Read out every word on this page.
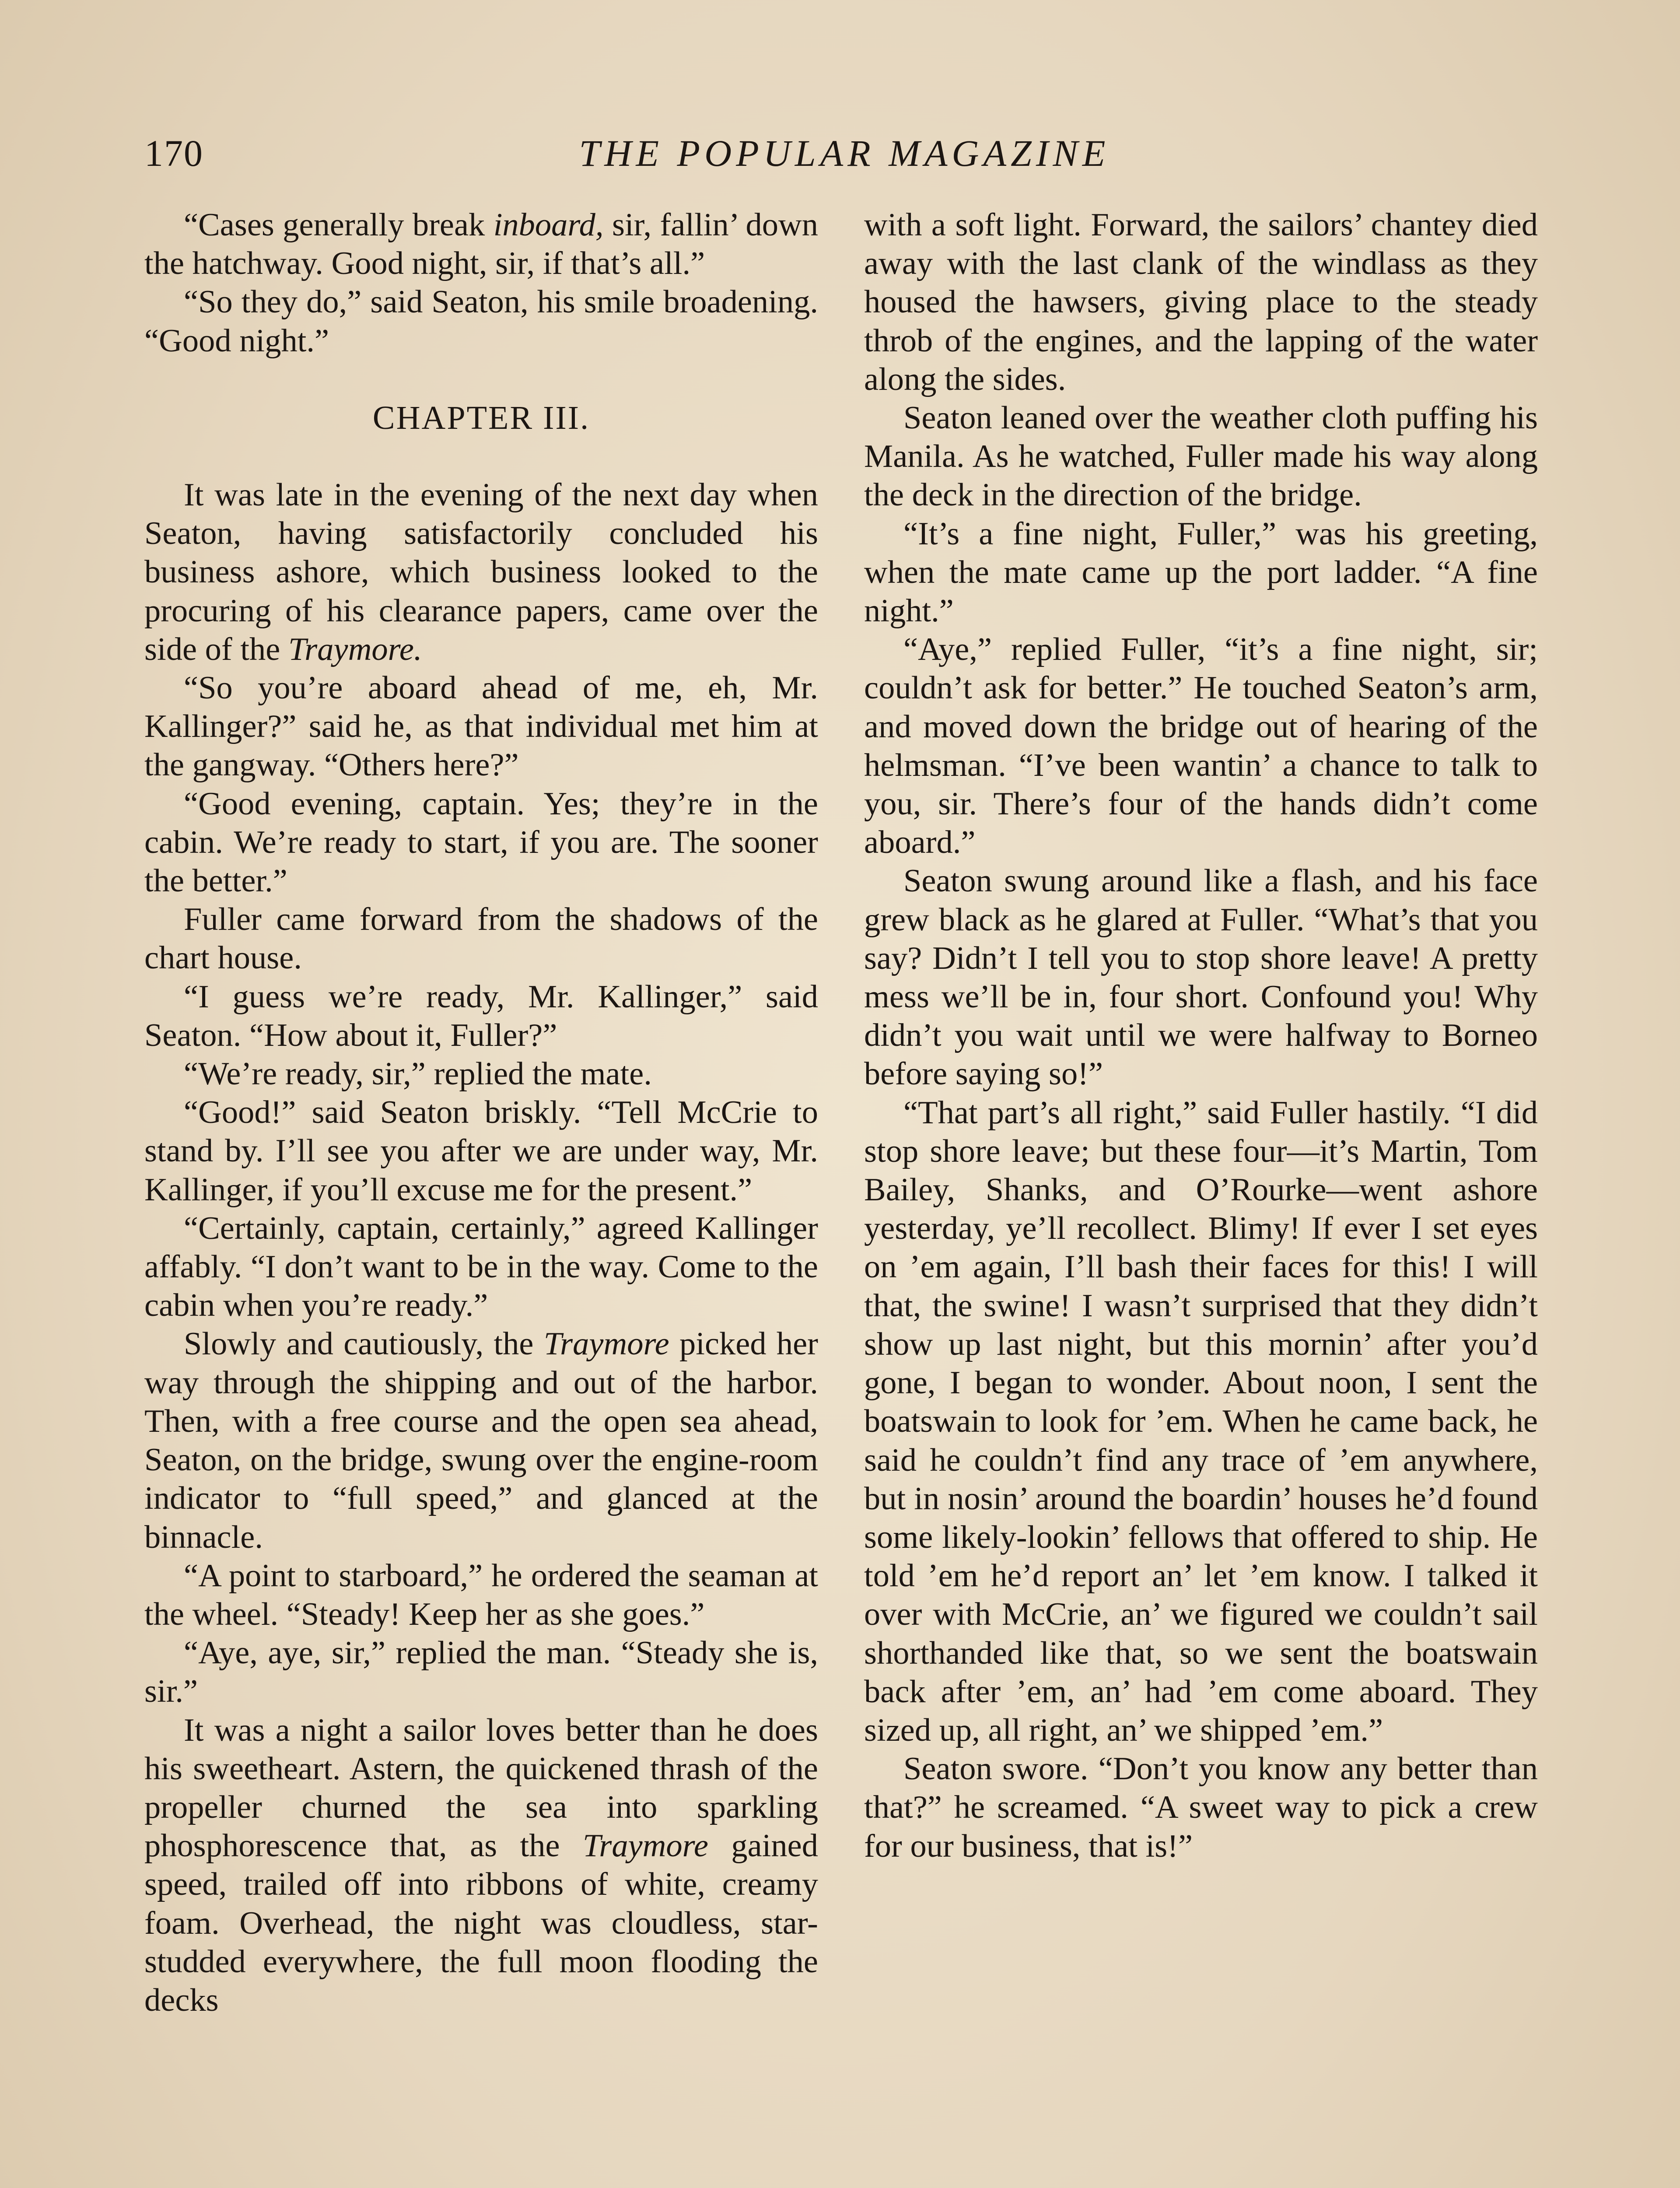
170	THE POPULAR MAGAZINE

“Cases generally break inboard, sir, fallin’ down the hatchway. Good night, sir, if that’s all.”

“So they do,” said Seaton, his smile broadening. “Good night.”

CHAPTER III.

It was late in the evening of the next day when Seaton, having satisfactorily concluded his business ashore, which business looked to the procuring of his clearance papers, came over the side of the Traymore.

“So you’re aboard ahead of me, eh, Mr. Kallinger?” said he, as that individual met him at the gangway. “Others here?”

“Good evening, captain. Yes; they’re in the cabin. We’re ready to start, if you are. The sooner the better.”

Fuller came forward from the shadows of the chart house.

“I guess we’re ready, Mr. Kallinger,” said Seaton. “How about it, Fuller?”

“We’re ready, sir,” replied the mate.

“Good!” said Seaton briskly. “Tell McCrie to stand by. I’ll see you after we are under way, Mr. Kallinger, if you’ll excuse me for the present.”

“Certainly, captain, certainly,” agreed Kallinger affably. “I don’t want to be in the way. Come to the cabin when you’re ready.”

Slowly and cautiously, the Traymore picked her way through the shipping and out of the harbor. Then, with a free course and the open sea ahead, Seaton, on the bridge, swung over the engine-room indicator to “full speed,” and glanced at the binnacle.

“A point to starboard,” he ordered the seaman at the wheel. “Steady! Keep her as she goes.”

“Aye, aye, sir,” replied the man. “Steady she is, sir.”

It was a night a sailor loves better than he does his sweetheart. Astern, the quickened thrash of the propeller churned the sea into sparkling phosphorescence that, as the Traymore gained speed, trailed off into ribbons of white, creamy foam. Overhead, the night was cloudless, star-studded everywhere, the full moon flooding the decks

with a soft light. Forward, the sailors’ chantey died away with the last clank of the windlass as they housed the hawsers, giving place to the steady throb of the engines, and the lapping of the water along the sides.

Seaton leaned over the weather cloth puffing his Manila. As he watched, Fuller made his way along the deck in the direction of the bridge.

“It’s a fine night, Fuller,” was his greeting, when the mate came up the port ladder. “A fine night.”

“Aye,” replied Fuller, “it’s a fine night, sir; couldn’t ask for better.” He touched Seaton’s arm, and moved down the bridge out of hearing of the helmsman. “I’ve been wantin’ a chance to talk to you, sir. There’s four of the hands didn’t come aboard.”

Seaton swung around like a flash, and his face grew black as he glared at Fuller. “What’s that you say? Didn’t I tell you to stop shore leave! A pretty mess we’ll be in, four short. Confound you! Why didn’t you wait until we were halfway to Borneo before saying so!”

“That part’s all right,” said Fuller hastily. “I did stop shore leave; but these four—it’s Martin, Tom Bailey, Shanks, and O’Rourke—went ashore yesterday, ye’ll recollect. Blimy! If ever I set eyes on ’em again, I’ll bash their faces for this! I will that, the swine! I wasn’t surprised that they didn’t show up last night, but this mornin’ after you’d gone, I began to wonder. About noon, I sent the boatswain to look for ’em. When he came back, he said he couldn’t find any trace of ’em anywhere, but in nosin’ around the boardin’ houses he’d found some likely-lookin’ fellows that offered to ship. He told ’em he’d report an’ let ’em know. I talked it over with McCrie, an’ we figured we couldn’t sail shorthanded like that, so we sent the boatswain back after ’em, an’ had ’em come aboard. They sized up, all right, an’ we shipped ’em.”

Seaton swore. “Don’t you know any better than that?” he screamed. “A sweet way to pick a crew for our business, that is!”
